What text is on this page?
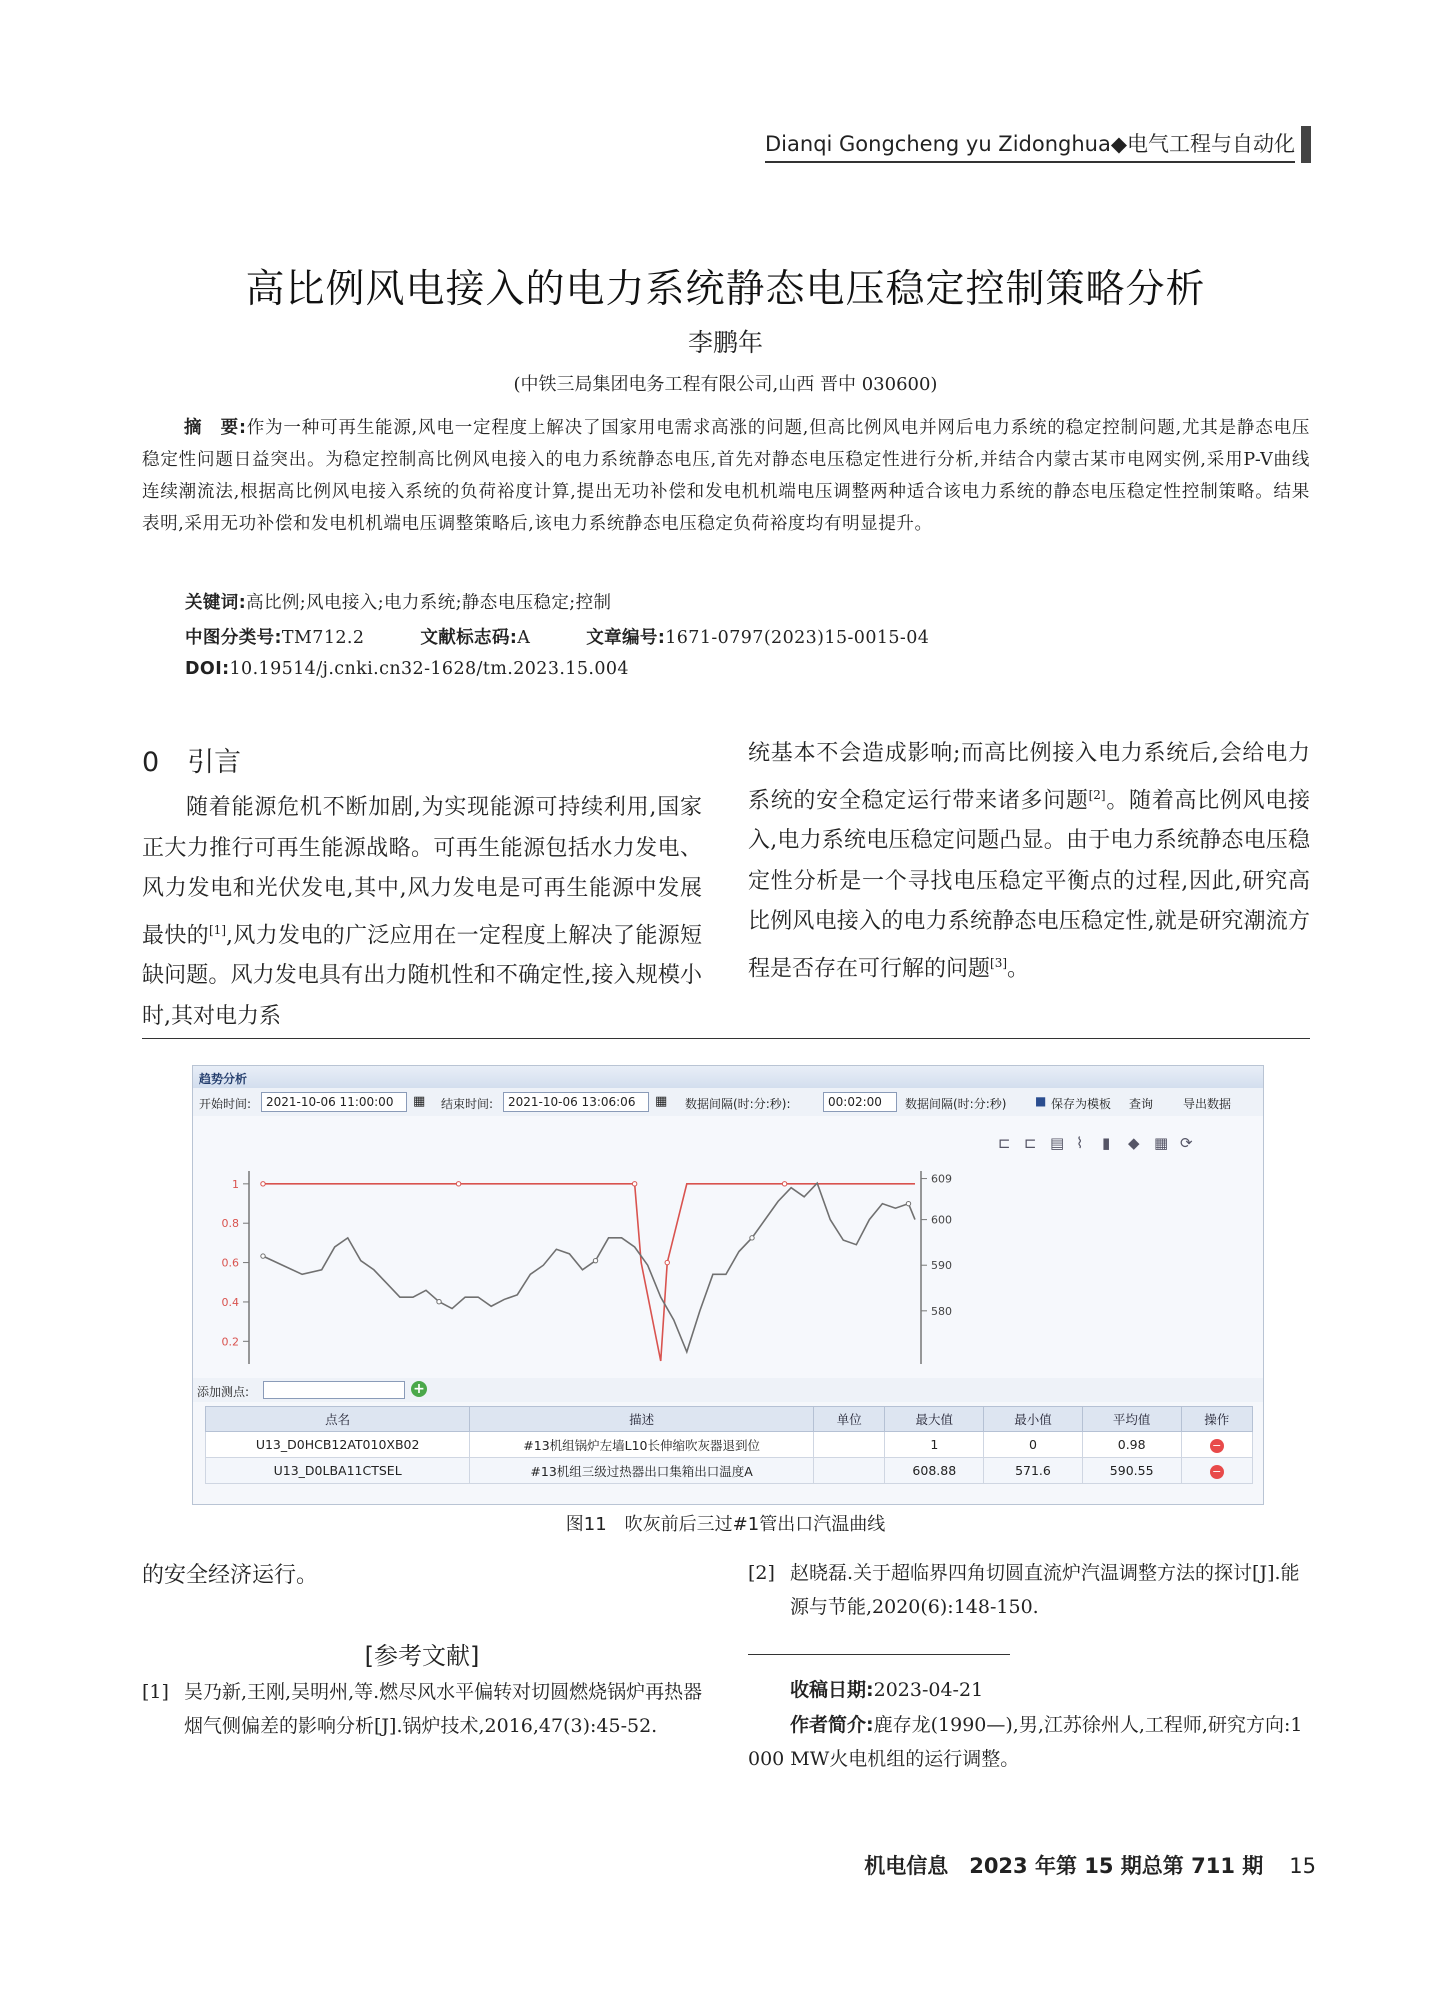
Dianqi Gongcheng yu Zidonghua◆电气工程与自动化
高比例风电接入的电力系统静态电压稳定控制策略分析
李鹏年
(中铁三局集团电务工程有限公司,山西 晋中 030600)
摘　要:作为一种可再生能源,风电一定程度上解决了国家用电需求高涨的问题,但高比例风电并网后电力系统的稳定控制问题,尤其是静态电压稳定性问题日益突出。为稳定控制高比例风电接入的电力系统静态电压,首先对静态电压稳定性进行分析,并结合内蒙古某市电网实例,采用P-V曲线连续潮流法,根据高比例风电接入系统的负荷裕度计算,提出无功补偿和发电机机端电压调整两种适合该电力系统的静态电压稳定性控制策略。结果表明,采用无功补偿和发电机机端电压调整策略后,该电力系统静态电压稳定负荷裕度均有明显提升。
关键词:高比例;风电接入;电力系统;静态电压稳定;控制
中图分类号:TM712.2	文献标志码:A	文章编号:1671-0797(2023)15-0015-04
DOI:10.19514/j.cnki.cn32-1628/tm.2023.15.004
0 引言
随着能源危机不断加剧,为实现能源可持续利用,国家正大力推行可再生能源战略。可再生能源包括水力发电、风力发电和光伏发电,其中,风力发电是可再生能源中发展最快的[1],风力发电的广泛应用在一定程度上解决了能源短缺问题。风力发电具有出力随机性和不确定性,接入规模小时,其对电力系
统基本不会造成影响;而高比例接入电力系统后,会给电力系统的安全稳定运行带来诸多问题[2]。随着高比例风电接入,电力系统电压稳定问题凸显。由于电力系统静态电压稳定性分析是一个寻找电压稳定平衡点的过程,因此,研究高比例风电接入的电力系统静态电压稳定性,就是研究潮流方程是否存在可行解的问题[3]。
趋势分析
开始时间:	2021-10-06 11:00:00	▦ 结束时间:	2021-10-06 13:06:06	▦ 数据间隔(时:分:秒):	00:02:00	数据间隔(时:分:秒) ■ 保存为模板 查询 导出数据
⊏ ⊏ ▤ ⌇ ▮ ◆ ▦ ⟳
0.2
0.4
0.6
0.8
1
580
590
600
609
添加测点:	+
点名	描述	单位	最大值	最小值	平均值	操作
U13_D0HCB12AT010XB02	#13机组锅炉左墙L10长伸缩吹灰器退到位		1	0	0.98	−
U13_D0LBA11CTSEL	#13机组三级过热器出口集箱出口温度A		608.88	571.6	590.55	−
图11　吹灰前后三过#1管出口汽温曲线
的安全经济运行。
[参考文献]
[1] 吴乃新,王刚,吴明州,等.燃尽风水平偏转对切圆燃烧锅炉再热器烟气侧偏差的影响分析[J].锅炉技术,2016,47(3):45-52.
[2] 赵晓磊.关于超临界四角切圆直流炉汽温调整方法的探讨[J].能源与节能,2020(6):148-150.
收稿日期:2023-04-21
作者简介:鹿存龙(1990—),男,江苏徐州人,工程师,研究方向:1 000 MW火电机组的运行调整。
机电信息　2023 年第 15 期总第 711 期 15
